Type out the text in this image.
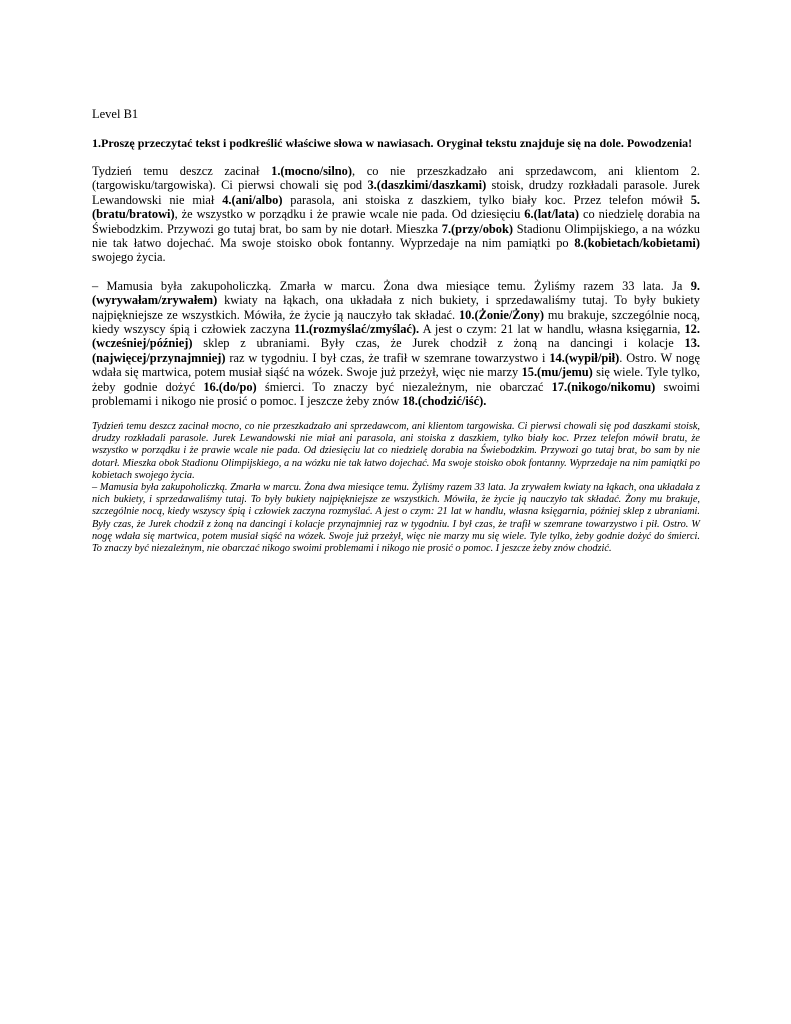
Level B1
1.Proszę przeczytać tekst i podkreślić właściwe słowa w nawiasach. Oryginał tekstu znajduje się na dole. Powodzenia!

Tydzień temu deszcz zacinał 1.(mocno/silno), co nie przeszkadzało ani sprzedawcom, ani klientom 2.(targowisku/targowiska). Ci pierwsi chowali się pod 3.(daszkimi/daszkami) stoisk, drudzy rozkładali parasole. Jurek Lewandowski nie miał 4.(ani/albo) parasola, ani stoiska z daszkiem, tylko biały koc. Przez telefon mówił 5. (bratu/bratowi), że wszystko w porządku i że prawie wcale nie pada. Od dziesięciu 6.(lat/lata) co niedzielę dorabia na Świebodzkim. Przywozi go tutaj brat, bo sam by nie dotarł. Mieszka 7.(przy/obok) Stadionu Olimpijskiego, a na wózku nie tak łatwo dojechać. Ma swoje stoisko obok fontanny. Wyprzedaje na nim pamiątki po 8.(kobietach/kobietami) swojego życia.

– Mamusia była zakupoholiczką. Zmarła w marcu. Żona dwa miesiące temu. Żyliśmy razem 33 lata. Ja 9. (wyrywałam/zrywałem) kwiaty na łąkach, ona układała z nich bukiety, i sprzedawaliśmy tutaj. To były bukiety najpiękniejsze ze wszystkich. Mówiła, że życie ją nauczyło tak składać. 10.(Żonie/Żony) mu brakuje, szczególnie nocą, kiedy wszyscy śpią i człowiek zaczyna 11.(rozmyślać/zmyślać). A jest o czym: 21 lat w handlu, własna księgarnia, 12.(wcześniej/później) sklep z ubraniami. Były czas, że Jurek chodził z żoną na dancingi i kolacje 13.(najwięcej/przynajmniej) raz w tygodniu. I był czas, że trafił w szemrane towarzystwo i 14.(wypił/pił). Ostro. W nogę wdała się martwica, potem musiał siąść na wózek. Swoje już przeżył, więc nie marzy 15.(mu/jemu) się wiele. Tyle tylko, żeby godnie dożyć 16.(do/po) śmierci. To znaczy być niezależnym, nie obarczać 17.(nikogo/nikomu) swoimi problemami i nikogo nie prosić o pomoc. I jeszcze żeby znów 18.(chodzić/iść).

Tydzień temu deszcz zacinał mocno, co nie przeszkadzało ani sprzedawcom, ani klientom targowiska. Ci pierwsi chowali się pod daszkami stoisk, drudzy rozkładali parasole. Jurek Lewandowski nie miał ani parasola, ani stoiska z daszkiem, tylko biały koc. Przez telefon mówił bratu, że wszystko w porządku i że prawie wcale nie pada. Od dziesięciu lat co niedzielę dorabia na Świebodzkim. Przywozi go tutaj brat, bo sam by nie dotarł. Mieszka obok Stadionu Olimpijskiego, a na wózku nie tak łatwo dojechać. Ma swoje stoisko obok fontanny. Wyprzedaje na nim pamiątki po kobietach swojego życia.

– Mamusia była zakupoholiczką. Zmarła w marcu. Żona dwa miesiące temu. Żyliśmy razem 33 lata. Ja zrywałem kwiaty na łąkach, ona układała z nich bukiety, i sprzedawaliśmy tutaj. To były bukiety najpiękniejsze ze wszystkich. Mówiła, że życie ją nauczyło tak składać. Żony mu brakuje, szczególnie nocą, kiedy wszyscy śpią i człowiek zaczyna rozmyślać. A jest o czym: 21 lat w handlu, własna księgarnia, później sklep z ubraniami. Były czas, że Jurek chodził z żoną na dancingi i kolacje przynajmniej raz w tygodniu. I był czas, że trafił w szemrane towarzystwo i pił. Ostro. W nogę wdała się martwica, potem musiał siąść na wózek. Swoje już przeżył, więc nie marzy mu się wiele. Tyle tylko, żeby godnie dożyć do śmierci. To znaczy być niezależnym, nie obarczać nikogo swoimi problemami i nikogo nie prosić o pomoc. I jeszcze żeby znów chodzić.
